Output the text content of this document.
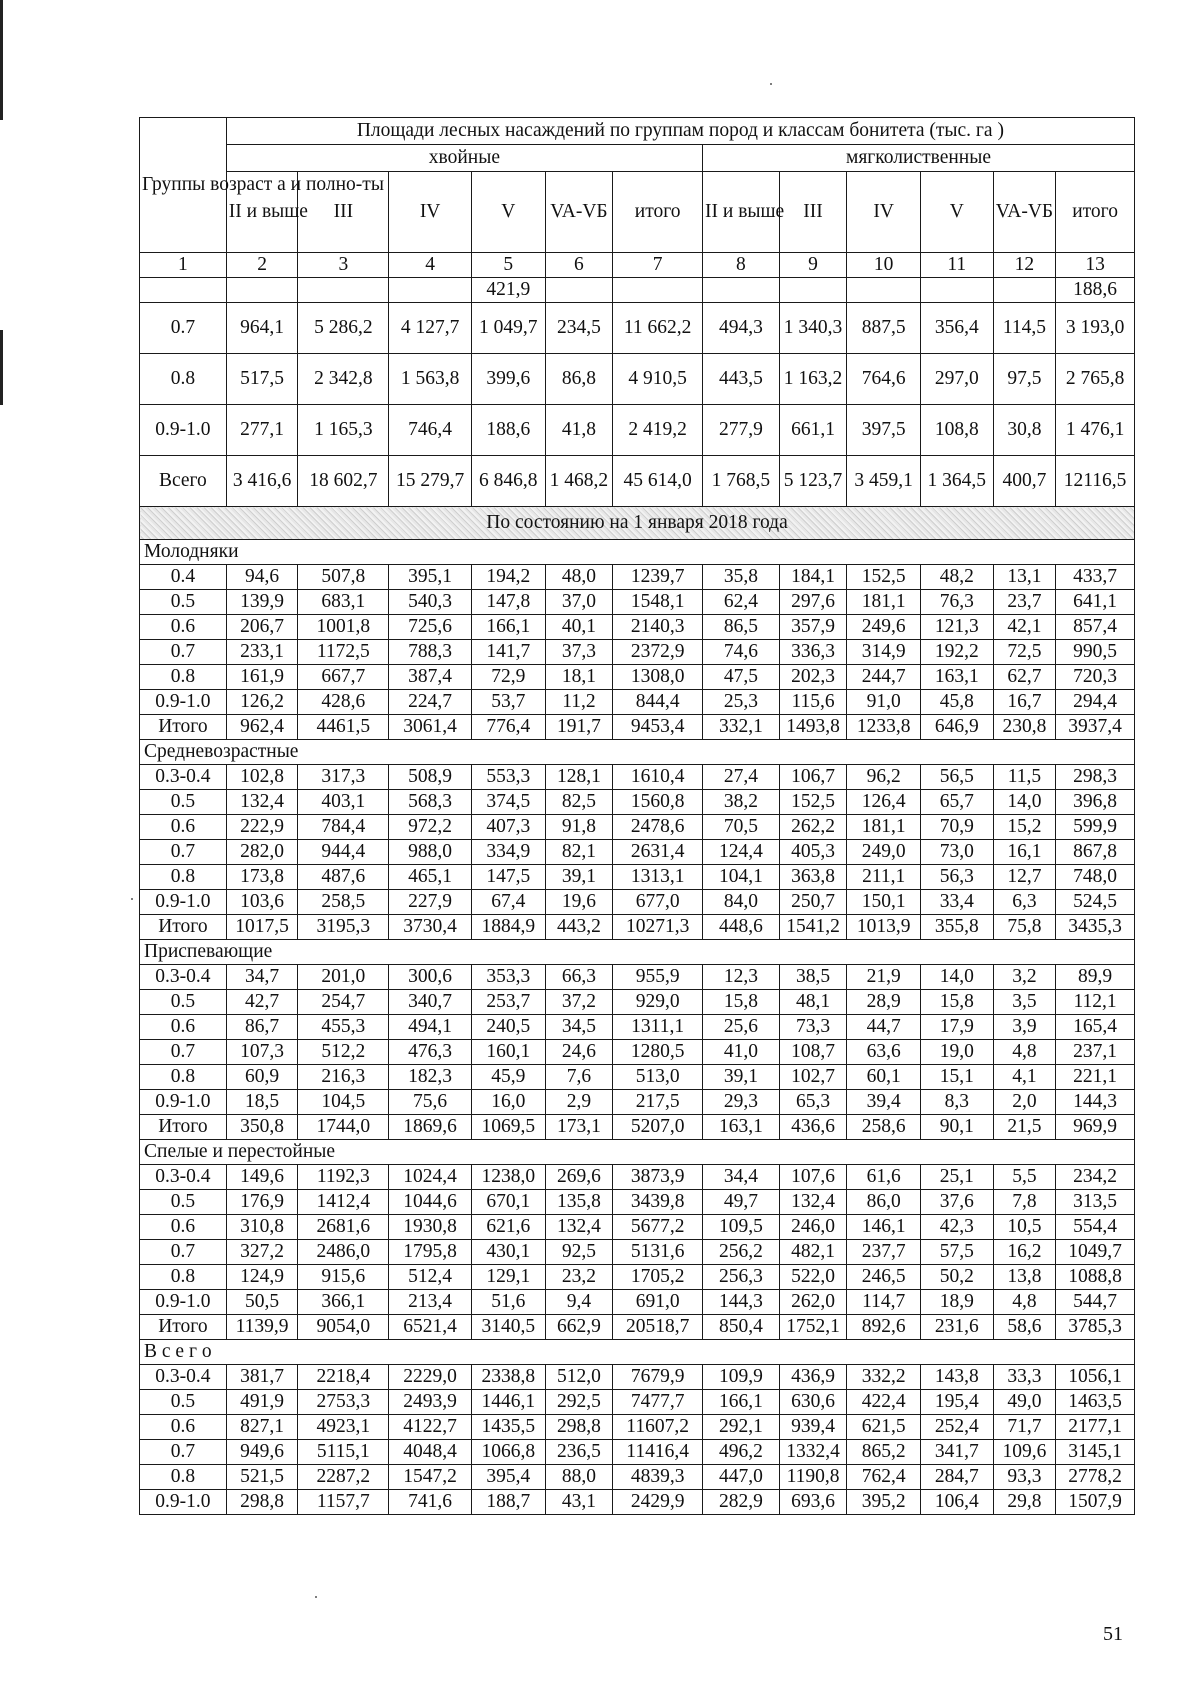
Группы возраст а и полно-ты	Площади лесных насаждений по группам пород и классам бонитета (тыс. га )											
	хвойные						мягколиственные					
	II и выше	III	IV	V	VA-VБ	итого	II и выше	III	IV	V	VA-VБ	итого
1	2	3	4	5	6	7	8	9	10	11	12	13
				421,9								188,6
0.7	964,1	5 286,2	4 127,7	1 049,7	234,5	11 662,2	494,3	1 340,3	887,5	356,4	114,5	3 193,0
0.8	517,5	2 342,8	1 563,8	399,6	86,8	4 910,5	443,5	1 163,2	764,6	297,0	97,5	2 765,8
0.9-1.0	277,1	1 165,3	746,4	188,6	41,8	2 419,2	277,9	661,1	397,5	108,8	30,8	1 476,1
Всего	3 416,6	18 602,7	15 279,7	6 846,8	1 468,2	45 614,0	1 768,5	5 123,7	3 459,1	1 364,5	400,7	12116,5
По состоянию на 1 января 2018 года												
Молодняки												
0.4	94,6	507,8	395,1	194,2	48,0	1239,7	35,8	184,1	152,5	48,2	13,1	433,7
0.5	139,9	683,1	540,3	147,8	37,0	1548,1	62,4	297,6	181,1	76,3	23,7	641,1
0.6	206,7	1001,8	725,6	166,1	40,1	2140,3	86,5	357,9	249,6	121,3	42,1	857,4
0.7	233,1	1172,5	788,3	141,7	37,3	2372,9	74,6	336,3	314,9	192,2	72,5	990,5
0.8	161,9	667,7	387,4	72,9	18,1	1308,0	47,5	202,3	244,7	163,1	62,7	720,3
0.9-1.0	126,2	428,6	224,7	53,7	11,2	844,4	25,3	115,6	91,0	45,8	16,7	294,4
Итого	962,4	4461,5	3061,4	776,4	191,7	9453,4	332,1	1493,8	1233,8	646,9	230,8	3937,4
Средневозрастные												
0.3-0.4	102,8	317,3	508,9	553,3	128,1	1610,4	27,4	106,7	96,2	56,5	11,5	298,3
0.5	132,4	403,1	568,3	374,5	82,5	1560,8	38,2	152,5	126,4	65,7	14,0	396,8
0.6	222,9	784,4	972,2	407,3	91,8	2478,6	70,5	262,2	181,1	70,9	15,2	599,9
0.7	282,0	944,4	988,0	334,9	82,1	2631,4	124,4	405,3	249,0	73,0	16,1	867,8
0.8	173,8	487,6	465,1	147,5	39,1	1313,1	104,1	363,8	211,1	56,3	12,7	748,0
0.9-1.0	103,6	258,5	227,9	67,4	19,6	677,0	84,0	250,7	150,1	33,4	6,3	524,5
Итого	1017,5	3195,3	3730,4	1884,9	443,2	10271,3	448,6	1541,2	1013,9	355,8	75,8	3435,3
Приспевающие												
0.3-0.4	34,7	201,0	300,6	353,3	66,3	955,9	12,3	38,5	21,9	14,0	3,2	89,9
0.5	42,7	254,7	340,7	253,7	37,2	929,0	15,8	48,1	28,9	15,8	3,5	112,1
0.6	86,7	455,3	494,1	240,5	34,5	1311,1	25,6	73,3	44,7	17,9	3,9	165,4
0.7	107,3	512,2	476,3	160,1	24,6	1280,5	41,0	108,7	63,6	19,0	4,8	237,1
0.8	60,9	216,3	182,3	45,9	7,6	513,0	39,1	102,7	60,1	15,1	4,1	221,1
0.9-1.0	18,5	104,5	75,6	16,0	2,9	217,5	29,3	65,3	39,4	8,3	2,0	144,3
Итого	350,8	1744,0	1869,6	1069,5	173,1	5207,0	163,1	436,6	258,6	90,1	21,5	969,9
Спелые и перестойные												
0.3-0.4	149,6	1192,3	1024,4	1238,0	269,6	3873,9	34,4	107,6	61,6	25,1	5,5	234,2
0.5	176,9	1412,4	1044,6	670,1	135,8	3439,8	49,7	132,4	86,0	37,6	7,8	313,5
0.6	310,8	2681,6	1930,8	621,6	132,4	5677,2	109,5	246,0	146,1	42,3	10,5	554,4
0.7	327,2	2486,0	1795,8	430,1	92,5	5131,6	256,2	482,1	237,7	57,5	16,2	1049,7
0.8	124,9	915,6	512,4	129,1	23,2	1705,2	256,3	522,0	246,5	50,2	13,8	1088,8
0.9-1.0	50,5	366,1	213,4	51,6	9,4	691,0	144,3	262,0	114,7	18,9	4,8	544,7
Итого	1139,9	9054,0	6521,4	3140,5	662,9	20518,7	850,4	1752,1	892,6	231,6	58,6	3785,3
В с е г о												
0.3-0.4	381,7	2218,4	2229,0	2338,8	512,0	7679,9	109,9	436,9	332,2	143,8	33,3	1056,1
0.5	491,9	2753,3	2493,9	1446,1	292,5	7477,7	166,1	630,6	422,4	195,4	49,0	1463,5
0.6	827,1	4923,1	4122,7	1435,5	298,8	11607,2	292,1	939,4	621,5	252,4	71,7	2177,1
0.7	949,6	5115,1	4048,4	1066,8	236,5	11416,4	496,2	1332,4	865,2	341,7	109,6	3145,1
0.8	521,5	2287,2	1547,2	395,4	88,0	4839,3	447,0	1190,8	762,4	284,7	93,3	2778,2
0.9-1.0	298,8	1157,7	741,6	188,7	43,1	2429,9	282,9	693,6	395,2	106,4	29,8	1507,9
51
